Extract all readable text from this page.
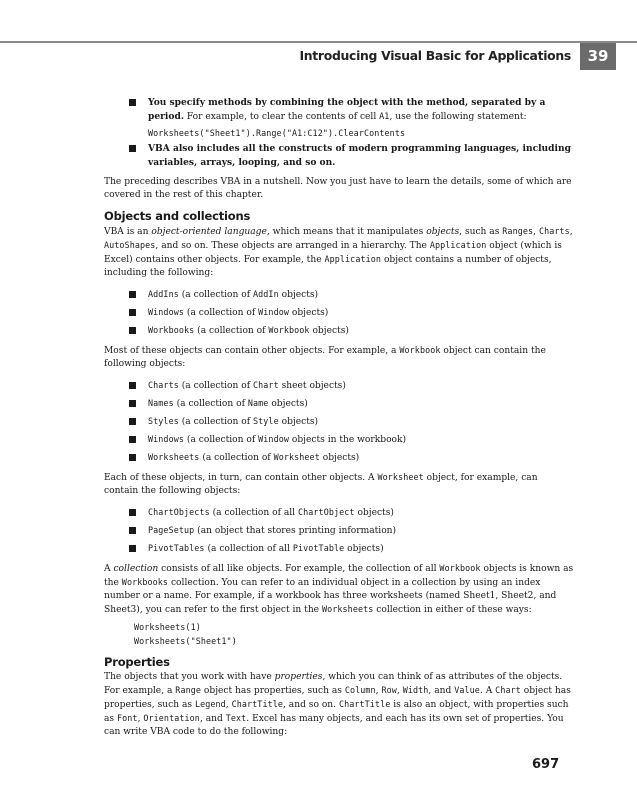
Introducing Visual Basic for Applications	39
You specify methods by combining the object with the method, separated by a period. For example, to clear the contents of cell A1, use the following statement:
Worksheets("Sheet1").Range("A1:C12").ClearContents
VBA also includes all the constructs of modern programming languages, including variables, arrays, looping, and so on.

The preceding describes VBA in a nutshell. Now you just have to learn the details, some of which are covered in the rest of this chapter.

Objects and collections

VBA is an object-oriented language, which means that it manipulates objects, such as Ranges, Charts, AutoShapes, and so on. These objects are arranged in a hierarchy. The Application object (which is Excel) contains other objects. For example, the Application object contains a number of objects, including the following:

AddIns (a collection of AddIn objects)
Windows (a collection of Window objects)
Workbooks (a collection of Workbook objects)

Most of these objects can contain other objects. For example, a Workbook object can contain the following objects:

Charts (a collection of Chart sheet objects)
Names (a collection of Name objects)
Styles (a collection of Style objects)
Windows (a collection of Window objects in the workbook)
Worksheets (a collection of Worksheet objects)

Each of these objects, in turn, can contain other objects. A Worksheet object, for example, can contain the following objects:

ChartObjects (a collection of all ChartObject objects)
PageSetup (an object that stores printing information)
PivotTables (a collection of all PivotTable objects)

A collection consists of all like objects. For example, the collection of all Workbook objects is known as the Workbooks collection. You can refer to an individual object in a collection by using an index number or a name. For example, if a workbook has three worksheets (named Sheet1, Sheet2, and Sheet3), you can refer to the first object in the Worksheets collection in either of these ways:

Worksheets(1)
Worksheets("Sheet1")
Properties

The objects that you work with have properties, which you can think of as attributes of the objects. For example, a Range object has properties, such as Column, Row, Width, and Value. A Chart object has properties, such as Legend, ChartTitle, and so on. ChartTitle is also an object, with properties such as Font, Orientation, and Text. Excel has many objects, and each has its own set of properties. You can write VBA code to do the following:

697
